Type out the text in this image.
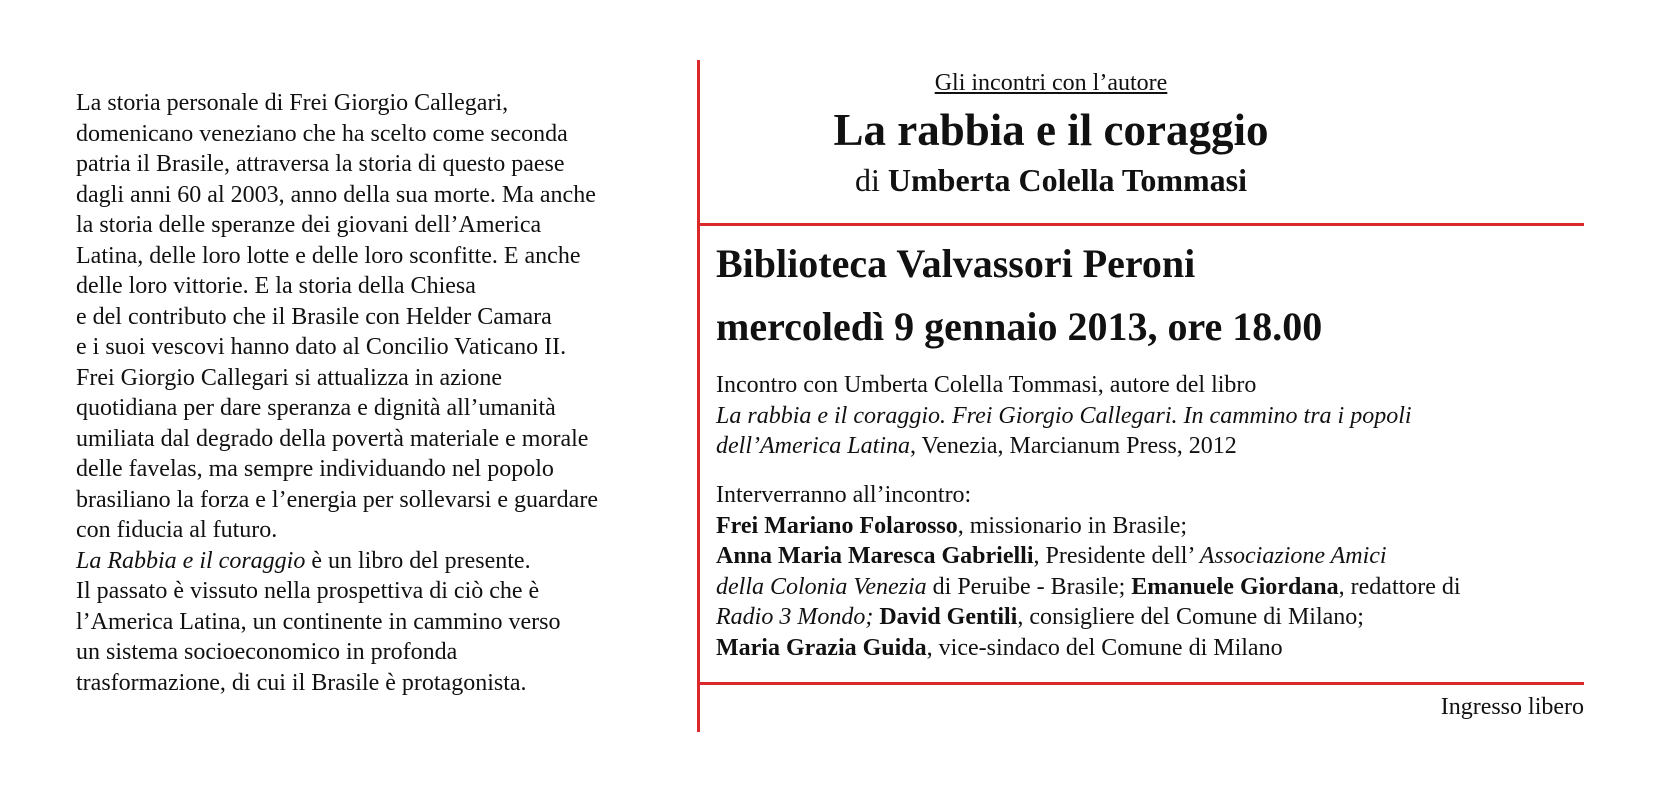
La storia personale di Frei Giorgio Callegari,
domenicano veneziano che ha scelto come seconda
patria il Brasile, attraversa la storia di questo paese
dagli anni 60 al 2003, anno della sua morte. Ma anche
la storia delle speranze dei giovani dell’America
Latina, delle loro lotte e delle loro sconfitte. E anche
delle loro vittorie. E la storia della Chiesa
e del contributo che il Brasile con Helder Camara
e i suoi vescovi hanno dato al Concilio Vaticano II.
Frei Giorgio Callegari si attualizza in azione
quotidiana per dare speranza e dignità all’umanità
umiliata dal degrado della povertà materiale e morale
delle favelas, ma sempre individuando nel popolo
brasiliano la forza e l’energia per sollevarsi e guardare
con fiducia al futuro.
La Rabbia e il coraggio è un libro del presente.
Il passato è vissuto nella prospettiva di ciò che è
l’America Latina, un continente in cammino verso
un sistema socioeconomico in profonda
trasformazione, di cui il Brasile è protagonista.
Gli incontri con l’autore
La rabbia e il coraggio
di Umberta Colella Tommasi
Biblioteca Valvassori Peroni
mercoledì 9 gennaio 2013, ore 18.00
Incontro con Umberta Colella Tommasi, autore del libro
La rabbia e il coraggio. Frei Giorgio Callegari. In cammino tra i popoli
dell’America Latina, Venezia, Marcianum Press, 2012
Interverranno all’incontro:
Frei Mariano Folarosso, missionario in Brasile;
Anna Maria Maresca Gabrielli, Presidente dell’ Associazione Amici
della Colonia Venezia di Peruibe - Brasile; Emanuele Giordana, redattore di
Radio 3 Mondo; David Gentili, consigliere del Comune di Milano;
Maria Grazia Guida, vice-sindaco del Comune di Milano
Ingresso libero
